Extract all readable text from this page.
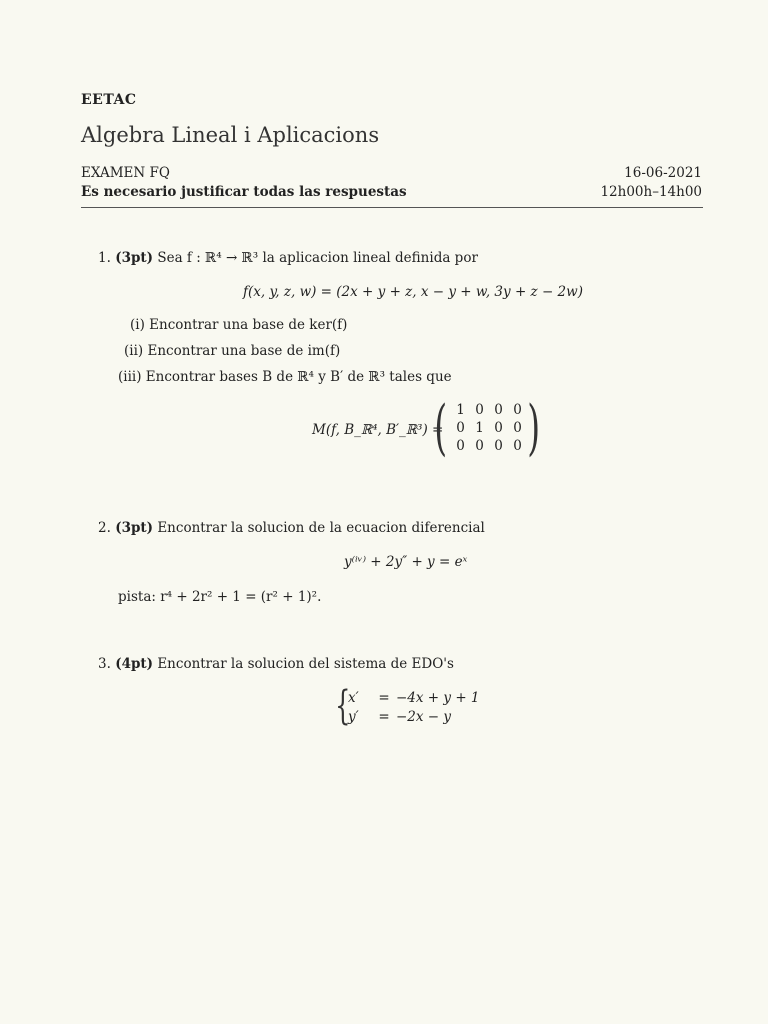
EETAC
Algebra Lineal i Aplicacions
EXAMEN FQ
Es necesario justificar todas las respuestas
16-06-2021
12h00h–14h00
1. (3pt) Sea f : ℝ⁴ → ℝ³ la aplicacion lineal definida por
f(x, y, z, w) = (2x + y + z, x − y + w, 3y + z − 2w)
(i) Encontrar una base de ker(f)
(ii) Encontrar una base de im(f)
(iii) Encontrar bases B de ℝ⁴ y B′ de ℝ³ tales que
M(f, B_ℝ⁴, B′_ℝ³) =
( 1 0 0 0
0 1 0 0
0 0 0 0 )
2. (3pt) Encontrar la solucion de la ecuacion diferencial
y⁽ⁱᵛ⁾ + 2y″ + y = eˣ
pista: r⁴ + 2r² + 1 = (r² + 1)².
3. (4pt) Encontrar la solucion del sistema de EDO's
{
x′ = −4x + y + 1
y′ = −2x − y
